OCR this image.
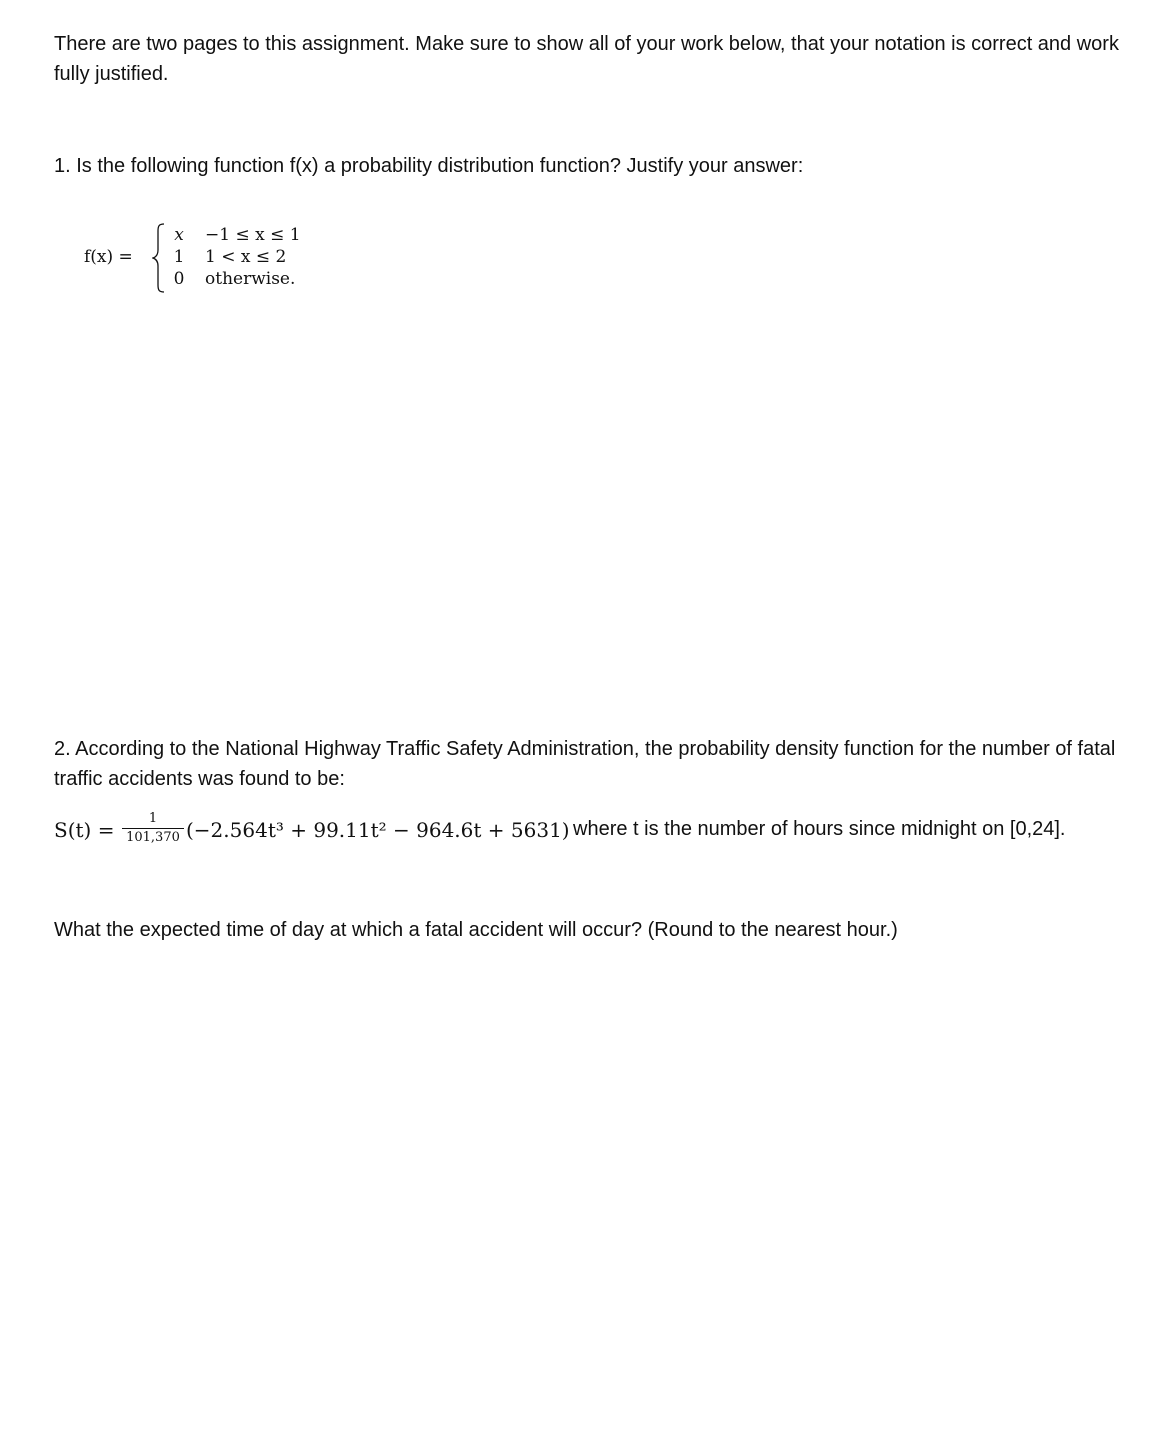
There are two pages to this assignment. Make sure to show all of your work below, that your notation is correct and work fully justified.

1. Is the following function f(x) a probability distribution function? Justify your answer:

f(x) =
x −1 ≤ x ≤ 1
1 1 < x ≤ 2
0 otherwise.

2. According to the National Highway Traffic Safety Administration, the probability density function for the number of fatal traffic accidents was found to be:

S(t) =	1
101,370 (−2.564t³ + 99.11t² − 964.6t + 5631) where t is the number of hours since midnight on [0,24].

What the expected time of day at which a fatal accident will occur? (Round to the nearest hour.)
